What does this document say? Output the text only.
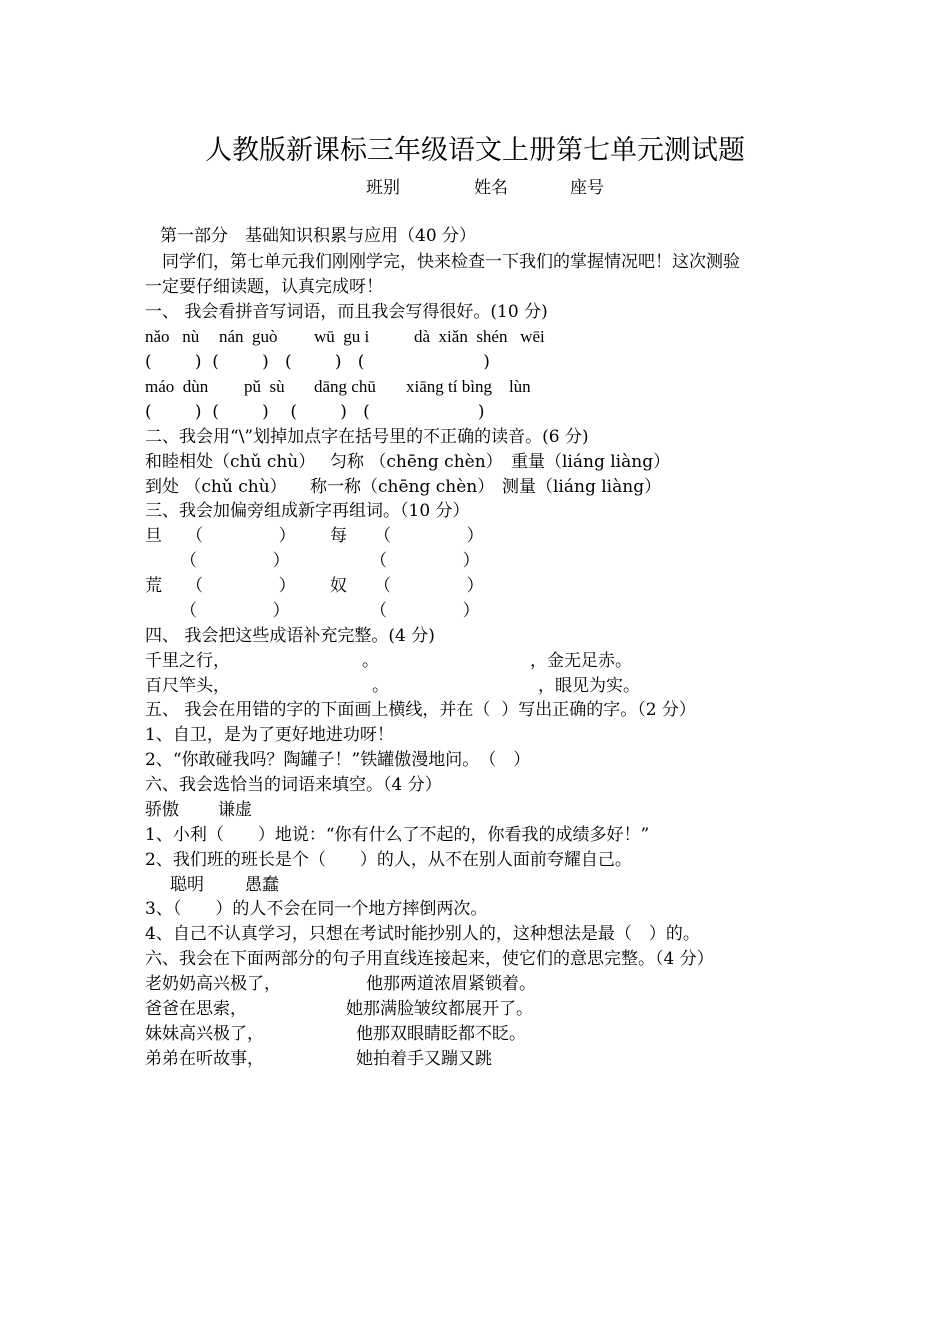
人教版新课标三年级语文上册第七单元测试题
班别	姓名	座号
第一部分　基础知识积累与应用（40 分）
同学们，第七单元我们刚刚学完，快来检查一下我们的掌握情况吧！这次测验
一定要仔细读题，认真完成呀！
一、 我会看拼音写词语，而且我会写得很好。(10 分)
nǎo   nù nán  guò wū  gu i	dà  xiǎn  shén   wēi
(        )  (        )   (        )   (                      )
máo  dùn pǔ  sù dāng chū xiāng tí bìng    lùn
(        )  (        )    (        )   (                    )
二、我会用“\”划掉加点字在括号里的不正确的读音。(6 分)
和睦相处（chǔ chù） 匀称 （chēng chèn） 重量（liáng liàng）
到处 （chǔ chù） 称一称（chēng chèn） 测量（liáng liàng）
三、我会加偏旁组成新字再组词。（10 分）
旦 （              ） 每 （              ）
（              ）	（              ）
荒 （              ） 奴 （              ）
（              ）	（              ）
四、 我会把这些成语补充完整。(4 分)
千里之行，	。	，金无足赤。
百尺竿头，	。	，眼见为实。
五、 我会在用错的字的下面画上横线，并在（  ）写出正确的字。（2 分）
1、自卫，是为了更好地进功呀！
2、“你敢碰我吗？陶罐子！”铁罐傲漫地问。　（　）
六、我会选恰当的词语来填空。（4 分）
骄傲 谦虚
1、小利（　　）地说：“你有什么了不起的，你看我的成绩多好！”
2、我们班的班长是个（　　）的人，从不在别人面前夸耀自己。
聪明 愚蠢
3、（　　）的人不会在同一个地方摔倒两次。
4、自己不认真学习，只想在考试时能抄别人的，这种想法是最（　）的。
六、我会在下面两部分的句子用直线连接起来，使它们的意思完整。（4 分）
老奶奶高兴极了，	他那两道浓眉紧锁着。
爸爸在思索，	她那满脸皱纹都展开了。
妹妹高兴极了，	他那双眼睛眨都不眨。
弟弟在听故事，	她拍着手又蹦又跳
